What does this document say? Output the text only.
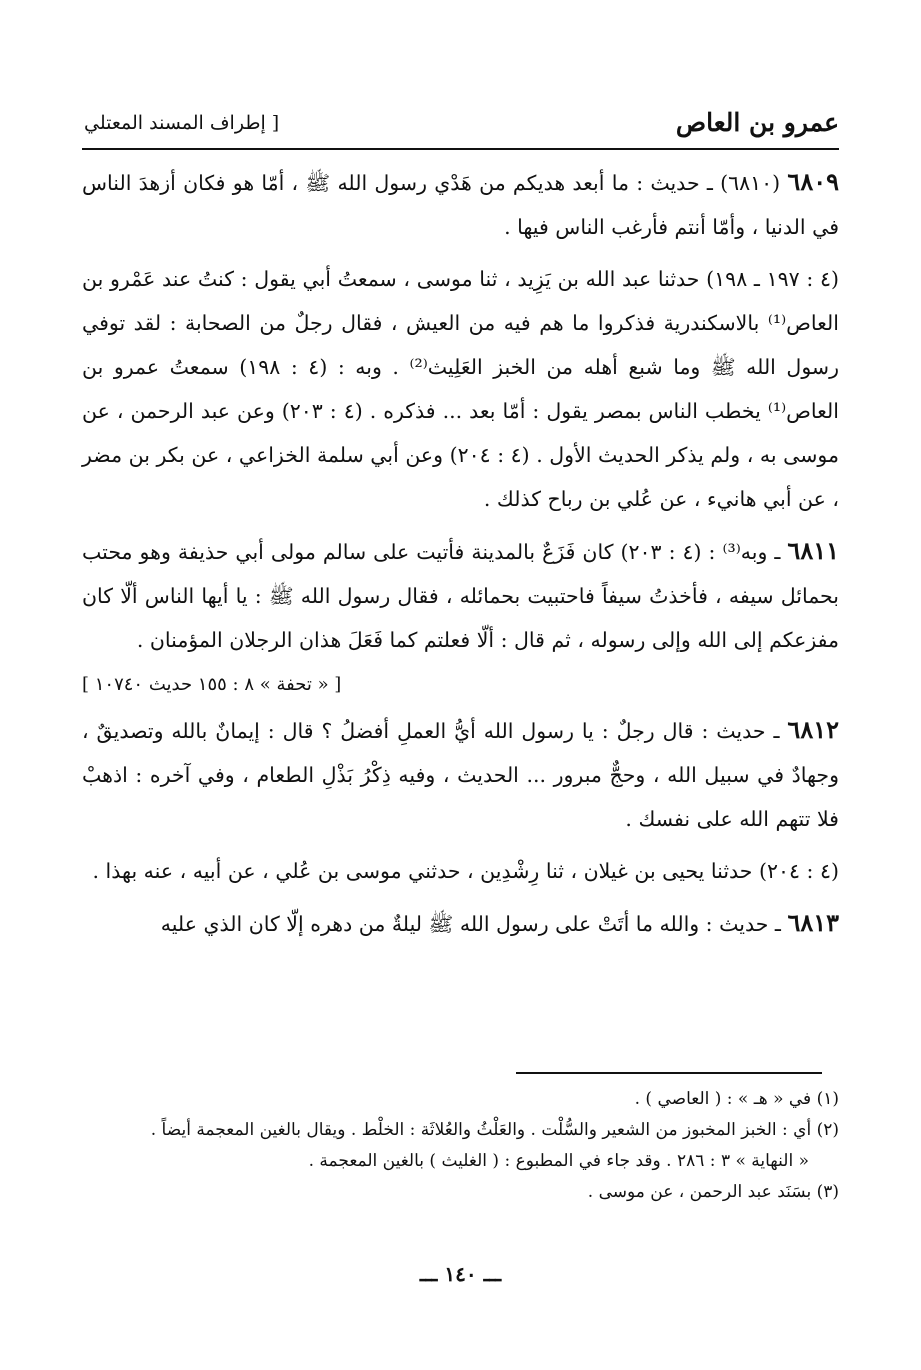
عمرو بن العاص
[ إطراف المسند المعتلي

٦٨٠٩ (٦٨١٠) ـ حديث : ما أبعد هديكم من هَدْي رسول الله ﷺ ، أمّا هو فكان أزهدَ الناس في الدنيا ، وأمّا أنتم فأرغب الناس فيها .

(٤ : ١٩٧ ـ ١٩٨) حدثنا عبد الله بن يَزِيد ، ثنا موسى ، سمعتُ أبي يقول : كنتُ عند عَمْرو بن العاص⁽¹⁾ بالاسكندرية فذكروا ما هم فيه من العيش ، فقال رجلٌ من الصحابة : لقد توفي رسول الله ﷺ وما شبع أهله من الخبز العَلِيث⁽²⁾ . وبه : (٤ : ١٩٨) سمعتُ عمرو بن العاص⁽¹⁾ يخطب الناس بمصر يقول : أمّا بعد ... فذكره . (٤ : ٢٠٣) وعن عبد الرحمن ، عن موسى به ، ولم يذكر الحديث الأول . (٤ : ٢٠٤) وعن أبي سلمة الخزاعي ، عن بكر بن مضر ، عن أبي هانيء ، عن عُلي بن رباح كذلك .

٦٨١١ ـ وبه⁽³⁾ : (٤ : ٢٠٣) كان فَزَعٌ بالمدينة فأتيت على سالم مولى أبي حذيفة وهو محتب بحمائل سيفه ، فأخذتُ سيفاً فاحتبيت بحمائله ، فقال رسول الله ﷺ : يا أيها الناس ألّا كان مفزعكم إلى الله وإلى رسوله ، ثم قال : ألّا فعلتم كما فَعَلَ هذان الرجلان المؤمنان .

[ « تحفة » ٨ : ١٥٥ حديث ١٠٧٤٠ ]

٦٨١٢ ـ حديث : قال رجلٌ : يا رسول الله أيُّ العملِ أفضلُ ؟ قال : إيمانٌ بالله وتصديقٌ ، وجهادٌ في سبيل الله ، وحجٌّ مبرور ... الحديث ، وفيه ذِكْرُ بَذْلِ الطعام ، وفي آخره : اذهبْ فلا تتهم الله على نفسك .

(٤ : ٢٠٤) حدثنا يحيى بن غيلان ، ثنا رِشْدِين ، حدثني موسى بن عُلي ، عن أبيه ، عنه بهذا .

٦٨١٣ ـ حديث : والله ما أتَتْ على رسول الله ﷺ ليلةٌ من دهره إلّا كان الذي عليه

(١) في « هـ » : ( العاصي ) .

(٢) أي : الخبز المخبوز من الشعير والسُّلْت . والعَلْثُ والعُلاثَة : الخلْط . ويقال بالغين المعجمة أيضاً .

« النهاية » ٣ : ٢٨٦ . وقد جاء في المطبوع : ( الغليث ) بالغين المعجمة .

(٣) بسَنَد عبد الرحمن ، عن موسى .

ـــ ١٤٠ ـــ
